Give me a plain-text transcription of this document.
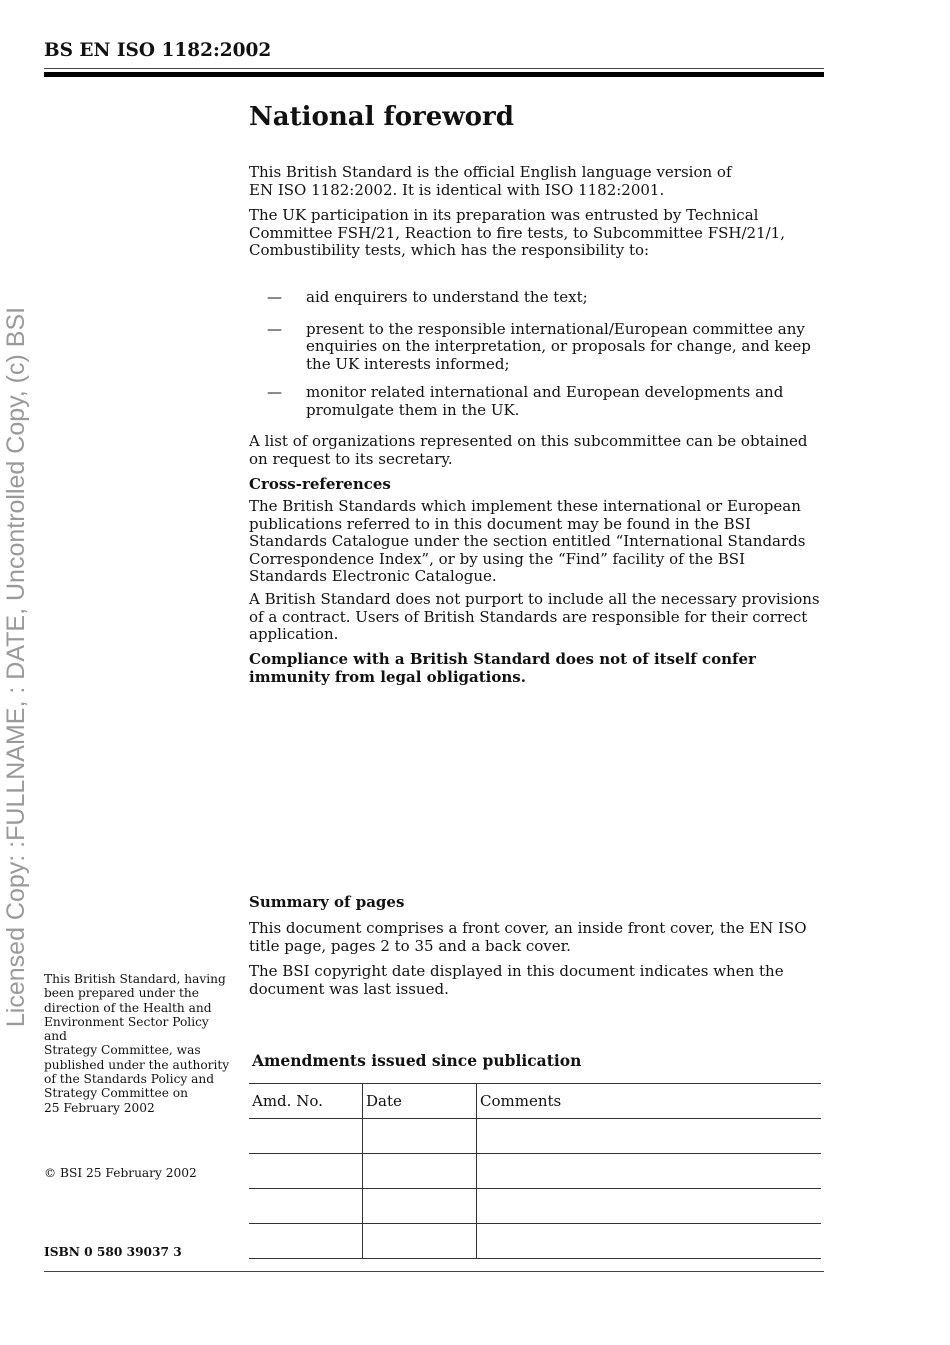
BS EN ISO 1182:2002
Licensed Copy: :FULLNAME, : DATE, Uncontrolled Copy, (c) BSI
National foreword
This British Standard is the official English language version of
EN ISO 1182:2002. It is identical with ISO 1182:2001.
The UK participation in its preparation was entrusted by Technical Committee FSH/21, Reaction to fire tests, to Subcommittee FSH/21/1, Combustibility tests, which has the responsibility to:
— aid enquirers to understand the text;
— present to the responsible international/European committee any enquiries on the interpretation, or proposals for change, and keep the UK interests informed;
— monitor related international and European developments and promulgate them in the UK.
A list of organizations represented on this subcommittee can be obtained on request to its secretary.
Cross-references
The British Standards which implement these international or European publications referred to in this document may be found in the BSI Standards Catalogue under the section entitled “International Standards Correspondence Index”, or by using the “Find” facility of the BSI Standards Electronic Catalogue.
A British Standard does not purport to include all the necessary provisions of a contract. Users of British Standards are responsible for their correct application.
Compliance with a British Standard does not of itself confer immunity from legal obligations.
Summary of pages
This document comprises a front cover, an inside front cover, the EN ISO title page, pages 2 to 35 and a back cover.
The BSI copyright date displayed in this document indicates when the document was last issued.
This British Standard, having
been prepared under the
direction of the Health and
Environment Sector Policy and
Strategy Committee, was
published under the authority
of the Standards Policy and
Strategy Committee on
25 February 2002
© BSI 25 February 2002
ISBN 0 580 39037 3
Amendments issued since publication
Amd. No.	Date	Comments
